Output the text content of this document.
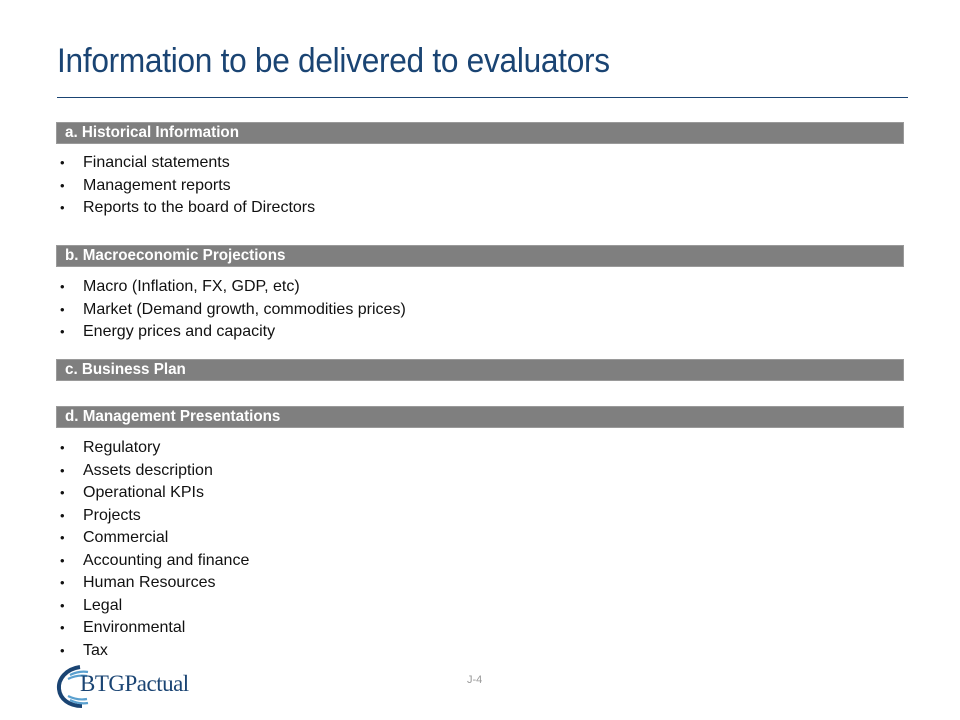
Information to be delivered to evaluators
a. Historical Information
• Financial statements
• Management reports
• Reports to the board of Directors
b. Macroeconomic Projections
• Macro (Inflation, FX, GDP, etc)
• Market (Demand growth, commodities prices)
• Energy prices and capacity
c. Business Plan
d. Management Presentations
• Regulatory
• Assets description
• Operational KPIs
• Projects
• Commercial
• Accounting and finance
• Human Resources
• Legal
• Environmental
• Tax
BTGPactual	J-4
